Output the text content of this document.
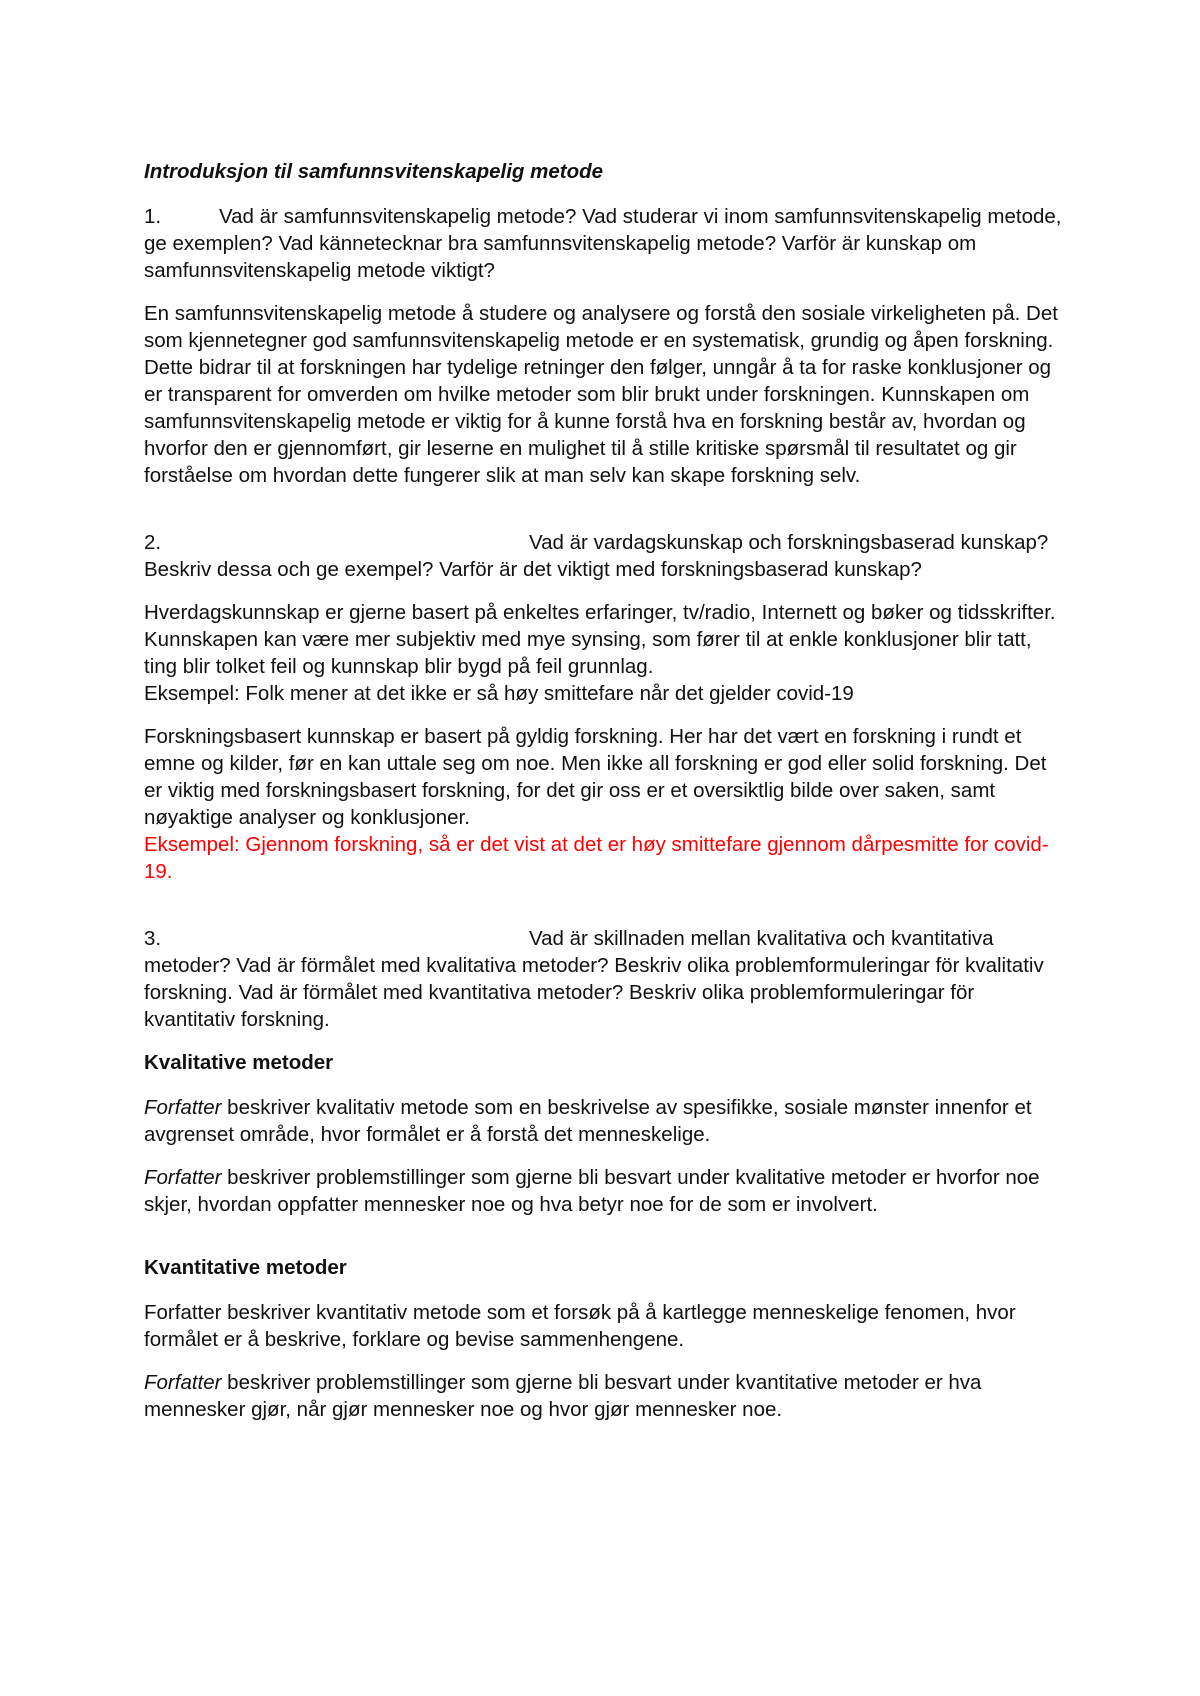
Introduksjon til samfunnsvitenskapelig metode

1.	Vad är samfunnsvitenskapelig metode? Vad studerar vi inom samfunnsvitenskapelig metode, ge exemplen? Vad kännetecknar bra samfunnsvitenskapelig metode? Varför är kunskap om samfunnsvitenskapelig metode viktigt?

En samfunnsvitenskapelig metode å studere og analysere og forstå den sosiale virkeligheten på. Det som kjennetegner god samfunnsvitenskapelig metode er en systematisk, grundig og åpen forskning. Dette bidrar til at forskningen har tydelige retninger den følger, unngår å ta for raske konklusjoner og er transparent for omverden om hvilke metoder som blir brukt under forskningen. Kunnskapen om samfunnsvitenskapelig metode er viktig for å kunne forstå hva en forskning består av, hvordan og hvorfor den er gjennomført, gir leserne en mulighet til å stille kritiske spørsmål til resultatet og gir forståelse om hvordan dette fungerer slik at man selv kan skape forskning selv.

2.	Vad är vardagskunskap och forskningsbaserad kunskap? Beskriv dessa och ge exempel? Varför är det viktigt med forskningsbaserad kunskap?

Hverdagskunnskap er gjerne basert på enkeltes erfaringer, tv/radio, Internett og bøker og tidsskrifter. Kunnskapen kan være mer subjektiv med mye synsing, som fører til at enkle konklusjoner blir tatt, ting blir tolket feil og kunnskap blir bygd på feil grunnlag.
Eksempel: Folk mener at det ikke er så høy smittefare når det gjelder covid-19

Forskningsbasert kunnskap er basert på gyldig forskning. Her har det vært en forskning i rundt et emne og kilder, før en kan uttale seg om noe. Men ikke all forskning er god eller solid forskning. Det er viktig med forskningsbasert forskning, for det gir oss er et oversiktlig bilde over saken, samt nøyaktige analyser og konklusjoner.
Eksempel: Gjennom forskning, så er det vist at det er høy smittefare gjennom dårpesmitte for covid-19.

3.	Vad är skillnaden mellan kvalitativa och kvantitativa metoder? Vad är förmålet med kvalitativa metoder? Beskriv olika problemformuleringar för kvalitativ forskning. Vad är förmålet med kvantitativa metoder? Beskriv olika problemformuleringar för kvantitativ forskning.

Kvalitative metoder

Forfatter beskriver kvalitativ metode som en beskrivelse av spesifikke, sosiale mønster innenfor et avgrenset område, hvor formålet er å forstå det menneskelige.

Forfatter beskriver problemstillinger som gjerne bli besvart under kvalitative metoder er hvorfor noe skjer, hvordan oppfatter mennesker noe og hva betyr noe for de som er involvert.

Kvantitative metoder

Forfatter beskriver kvantitativ metode som et forsøk på å kartlegge menneskelige fenomen, hvor formålet er å beskrive, forklare og bevise sammenhengene.

Forfatter beskriver problemstillinger som gjerne bli besvart under kvantitative metoder er hva mennesker gjør, når gjør mennesker noe og hvor gjør mennesker noe.
